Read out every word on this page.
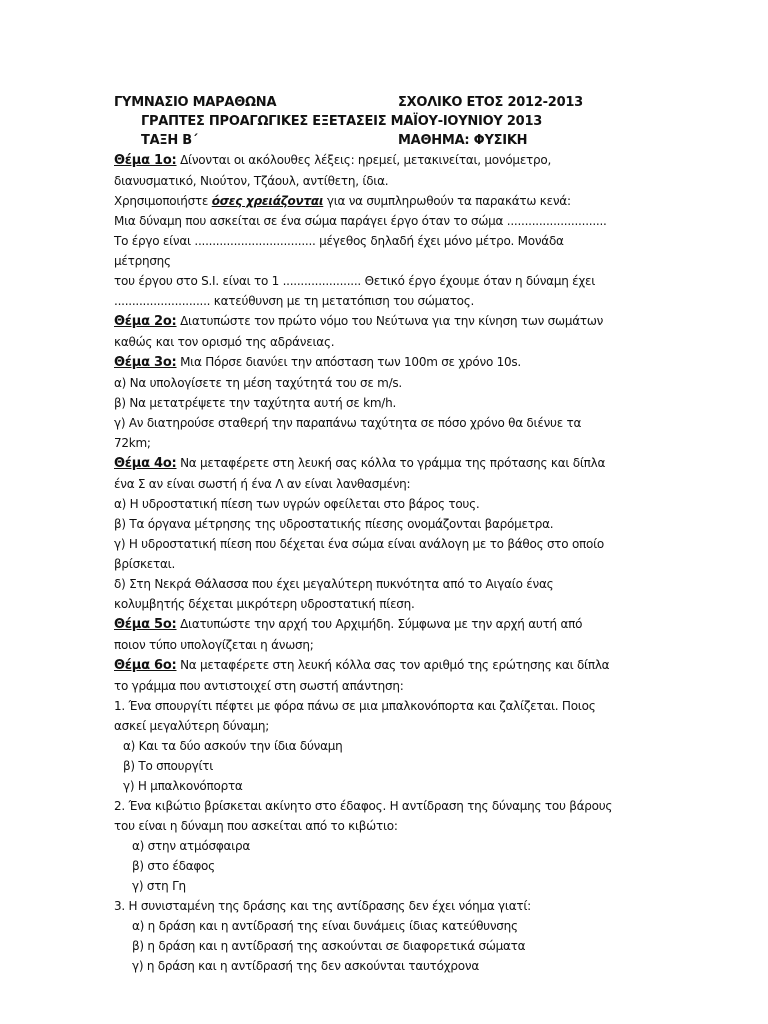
ΓΥΜΝΑΣΙΟ ΜΑΡΑΘΩΝΑ

	ΣΧΟΛΙΚΟ ΕΤΟΣ 2012-2013

ΓΡΑΠΤΕΣ ΠΡΟΑΓΩΓΙΚΕΣ ΕΞΕΤΑΣΕΙΣ ΜΑΪΟΥ-ΙΟΥΝΙΟΥ 2013

ΤΑΞΗ Β΄

	ΜΑΘΗΜΑ: ΦΥΣΙΚΗ

Θέμα 1ο: Δίνονται οι ακόλουθες λέξεις: ηρεμεί, μετακινείται, μονόμετρο,
διανυσματικό, Νιούτον, Τζάουλ, αντίθετη, ίδια.
Χρησιμοποιήστε όσες χρειάζονται για να συμπληρωθούν τα παρακάτω κενά:
Μια δύναμη που ασκείται σε ένα σώμα παράγει έργο όταν το σώμα ............................
Το έργο είναι .................................. μέγεθος δηλαδή έχει μόνο μέτρο. Μονάδα
μέτρησης
του έργου στο S.I. είναι το 1 ...................... Θετικό έργο έχουμε όταν η δύναμη έχει
........................... κατεύθυνση με τη μετατόπιση του σώματος.
Θέμα 2ο: Διατυπώστε τον πρώτο νόμο του Νεύτωνα για την κίνηση των σωμάτων
καθώς και τον ορισμό της αδράνειας.
Θέμα 3ο: Μια Πόρσε διανύει την απόσταση των 100m σε χρόνο 10s.
α) Να υπολογίσετε τη μέση ταχύτητά του σε m/s.
β) Να μετατρέψετε την ταχύτητα αυτή σε km/h.
γ) Αν διατηρούσε σταθερή την παραπάνω ταχύτητα σε πόσο χρόνο θα διένυε τα
72km;
Θέμα 4ο: Να μεταφέρετε στη λευκή σας κόλλα το γράμμα της πρότασης και δίπλα
ένα Σ αν είναι σωστή ή ένα Λ αν είναι λανθασμένη:
α) Η υδροστατική πίεση των υγρών οφείλεται στο βάρος τους.
β) Τα όργανα μέτρησης της υδροστατικής πίεσης ονομάζονται βαρόμετρα.
γ) Η υδροστατική πίεση που δέχεται ένα σώμα είναι ανάλογη με το βάθος στο οποίο
βρίσκεται.
δ) Στη Νεκρά Θάλασσα που έχει μεγαλύτερη πυκνότητα από το Αιγαίο ένας
κολυμβητής δέχεται μικρότερη υδροστατική πίεση.
Θέμα 5ο: Διατυπώστε την αρχή του Αρχιμήδη. Σύμφωνα με την αρχή αυτή από
ποιον τύπο υπολογίζεται η άνωση;
Θέμα 6ο: Να μεταφέρετε στη λευκή κόλλα σας τον αριθμό της ερώτησης και δίπλα
το γράμμα που αντιστοιχεί στη σωστή απάντηση:
1. Ένα σπουργίτι πέφτει με φόρα πάνω σε μια μπαλκονόπορτα και ζαλίζεται. Ποιος
ασκεί μεγαλύτερη δύναμη;
α) Και τα δύο ασκούν την ίδια δύναμη
β) Το σπουργίτι
γ) Η μπαλκονόπορτα
2. Ένα κιβώτιο βρίσκεται ακίνητο στο έδαφος. Η αντίδραση της δύναμης του βάρους
του είναι η δύναμη που ασκείται από το κιβώτιο:
α) στην ατμόσφαιρα
β) στο έδαφος
γ) στη Γη
3. Η συνισταμένη της δράσης και της αντίδρασης δεν έχει νόημα γιατί:
α) η δράση και η αντίδρασή της είναι δυνάμεις ίδιας κατεύθυνσης
β) η δράση και η αντίδρασή της ασκούνται σε διαφορετικά σώματα
γ) η δράση και η αντίδρασή της δεν ασκούνται ταυτόχρονα
